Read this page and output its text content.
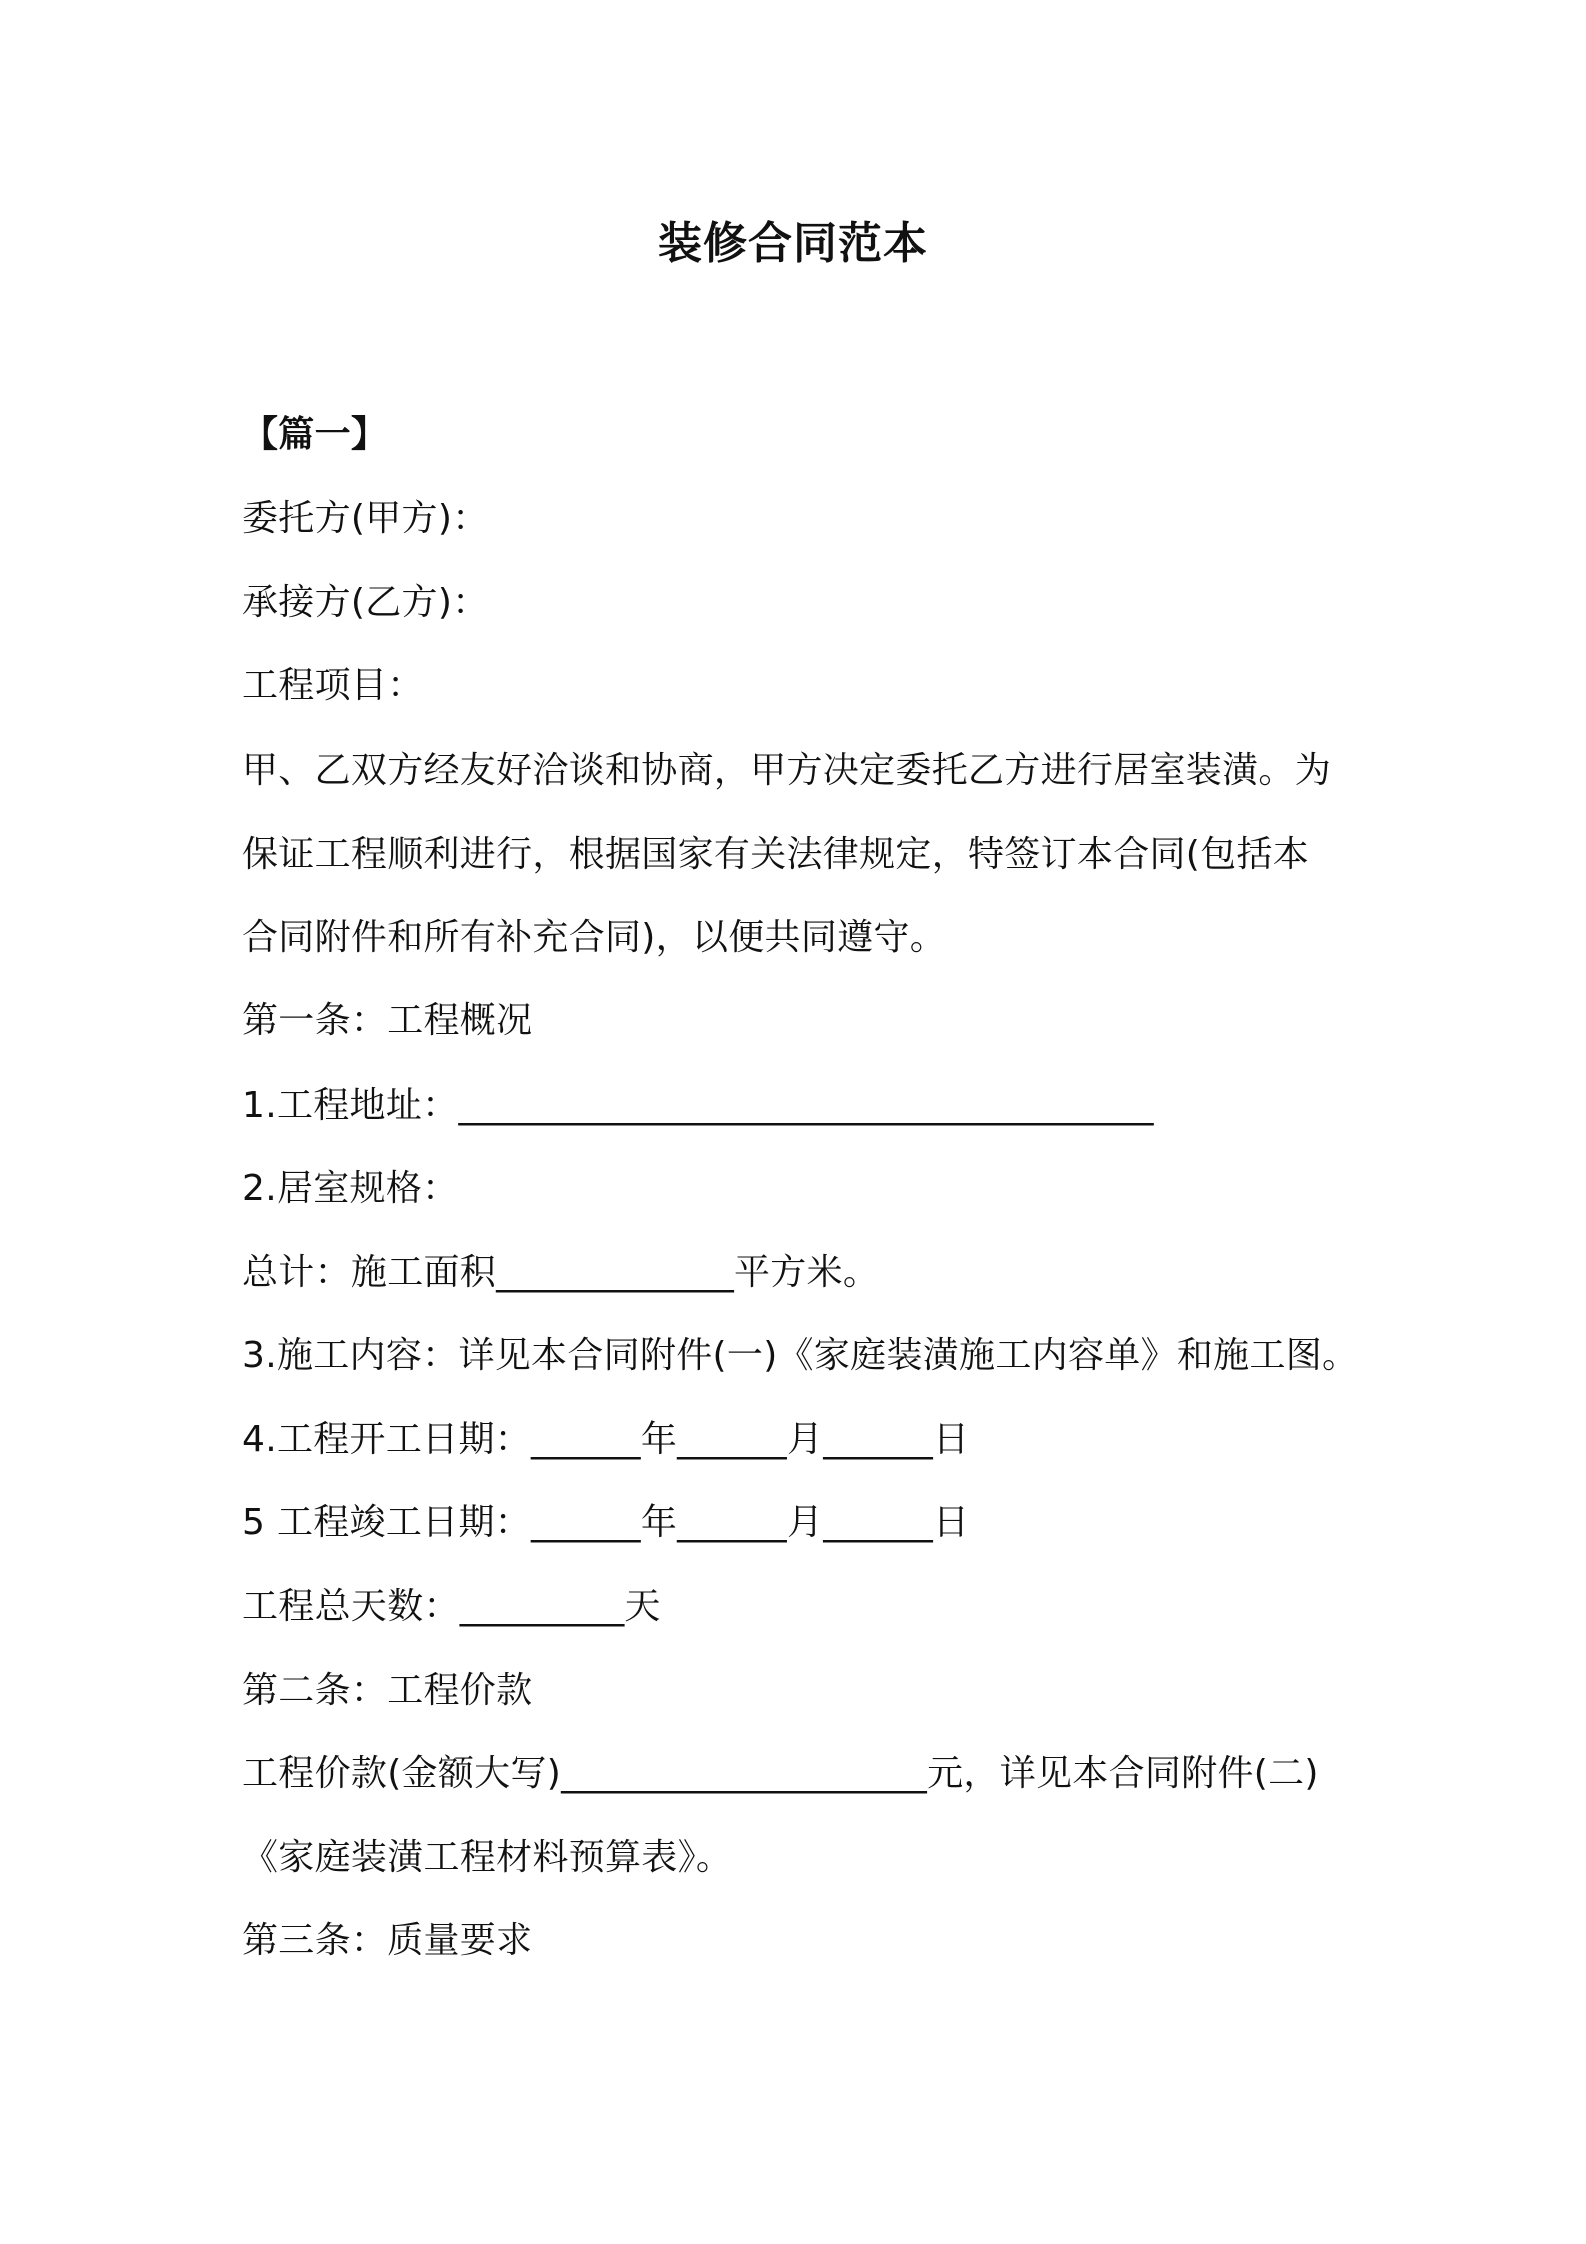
装修合同范本
【篇一】
委托方(甲方)：
承接方(乙方)：
工程项目：
甲、乙双方经友好洽谈和协商，甲方决定委托乙方进行居室装潢。为
保证工程顺利进行，根据国家有关法律规定，特签订本合同(包括本
合同附件和所有补充合同)，以便共同遵守。
第一条：工程概况
1.工程地址：______________________________________
2.居室规格：
总计：施工面积_____________平方米。
3.施工内容：详见本合同附件(一)《家庭装潢施工内容单》和施工图。
4.工程开工日期：______年______月______日
5 工程竣工日期：______年______月______日
工程总天数：_________天
第二条：工程价款
工程价款(金额大写)____________________元，详见本合同附件(二)
《家庭装潢工程材料预算表》。
第三条：质量要求
